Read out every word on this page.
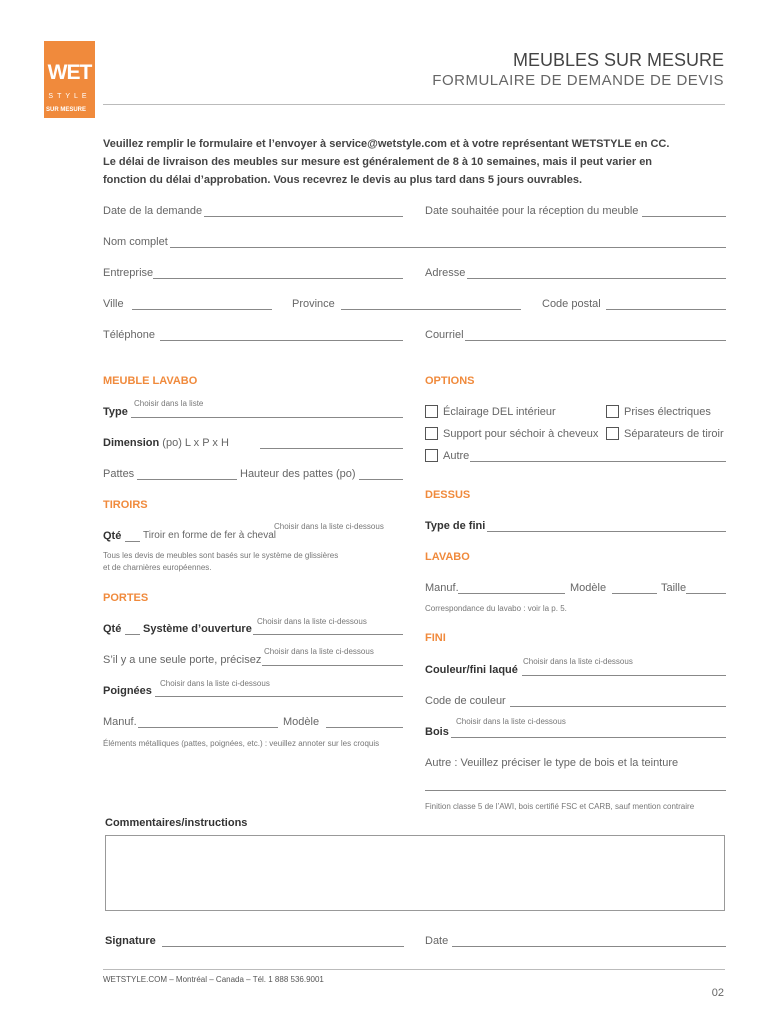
WET
STYLE
SUR MESURE
MEUBLES SUR MESURE
FORMULAIRE DE DEMANDE DE DEVIS
Veuillez remplir le formulaire et l’envoyer à service@wetstyle.com et à votre représentant WETSTYLE en CC.
Le délai de livraison des meubles sur mesure est généralement de 8 à 10 semaines, mais il peut varier en
fonction du délai d’approbation. Vous recevrez le devis au plus tard dans 5 jours ouvrables.
Date de la demande	Date souhaitée pour la réception du meuble
Nom complet
Entreprise	Adresse
Ville	Province	Code postal
Téléphone	Courriel
MEUBLE LAVABO
Choisir dans la liste
Type
Dimension (po) L x P x H
Pattes	Hauteur des pattes (po)
TIROIRS
Choisir dans la liste ci-dessous
Qté Tiroir en forme de fer à cheval
Tous les devis de meubles sont basés sur le système de glissières
et de charnières européennes.
PORTES
Choisir dans la liste ci-dessous
Qté Système d’ouverture
Choisir dans la liste ci-dessous
S’il y a une seule porte, précisez
Choisir dans la liste ci-dessous
Poignées
Manuf.	Modèle
Éléments métalliques (pattes, poignées, etc.) : veuillez annoter sur les croquis
OPTIONS
Éclairage DEL intérieur	Prises électriques
Support pour séchoir à cheveux Séparateurs de tiroir
Autre
DESSUS
Type de fini
LAVABO
Manuf.	Modèle	Taille
Correspondance du lavabo : voir la p. 5.
FINI
Choisir dans la liste ci-dessous
Couleur/fini laqué
Code de couleur
Choisir dans la liste ci-dessous
Bois
Autre : Veuillez préciser le type de bois et la teinture
Finition classe 5 de l’AWI, bois certifié FSC et CARB, sauf mention contraire
Commentaires/instructions
Signature	Date
WETSTYLE.COM – Montréal – Canada – Tél. 1 888 536.9001
02
